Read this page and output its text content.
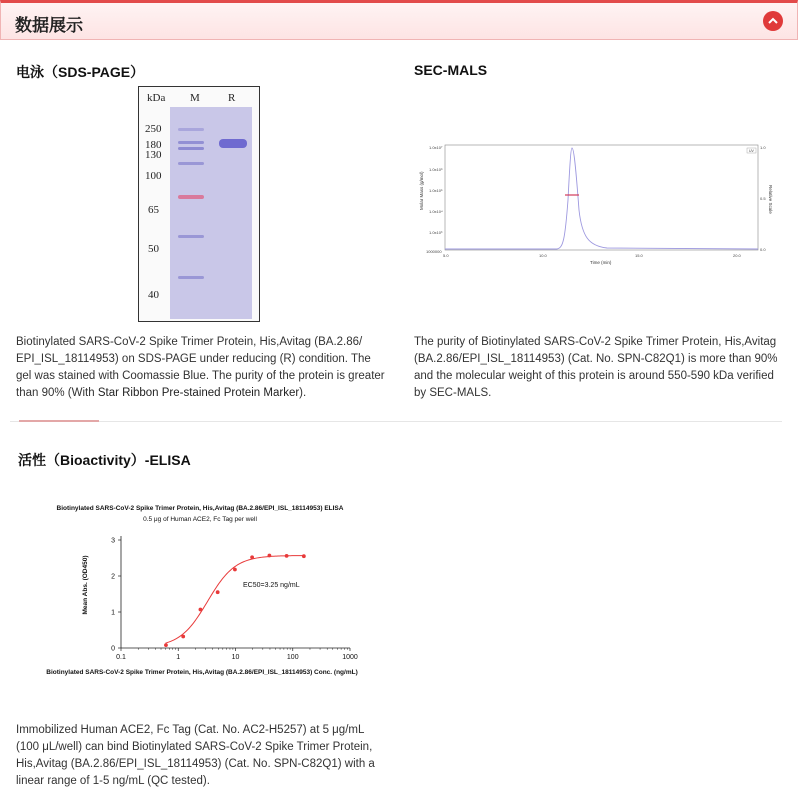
数据展示
电泳（SDS-PAGE）
kDa M	R
250
180
130
100
65
50
40
Biotinylated SARS-CoV-2 Spike Trimer Protein, His,Avitag (BA.2.86/ EPI_ISL_18114953) on SDS-PAGE under reducing (R) condition. The gel was stained with Coomassie Blue. The purity of the protein is greater than 90% (With Star Ribbon Pre-stained Protein Marker).
SEC-MALS
Molar Mass (g/mol)	Relative Scale
Time (min)
1.0x10⁷
1.0x10⁶
1.0x10⁵
1.0x10⁴
1.0x10³
1000000
1.0
0.5
0.0
5.0	10.0	15.0	20.0
UV
The purity of Biotinylated SARS-CoV-2 Spike Trimer Protein, His,Avitag (BA.2.86/EPI_ISL_18114953) (Cat. No. SPN-C82Q1) is more than 90% and the molecular weight of this protein is around 550-590 kDa verified by SEC-MALS.
活性（Bioactivity）-ELISA
Biotinylated SARS-CoV-2 Spike Trimer Protein, His,Avitag (BA.2.86/EPI_ISL_18114953) ELISA
0.5 μg of Human ACE2, Fc Tag per well
Mean Abs. (OD450)
Biotinylated SARS-CoV-2 Spike Trimer Protein, His,Avitag (BA.2.86/EPI_ISL_18114953) Conc. (ng/mL)
EC50=3.25 ng/mL
0
1
2
3
0.1	1	10	100	1000
Immobilized Human ACE2, Fc Tag (Cat. No. AC2-H5257) at 5 μg/mL (100 μL/well) can bind Biotinylated SARS-CoV-2 Spike Trimer Protein, His,Avitag (BA.2.86/EPI_ISL_18114953) (Cat. No. SPN-C82Q1) with a linear range of 1-5 ng/mL (QC tested).
